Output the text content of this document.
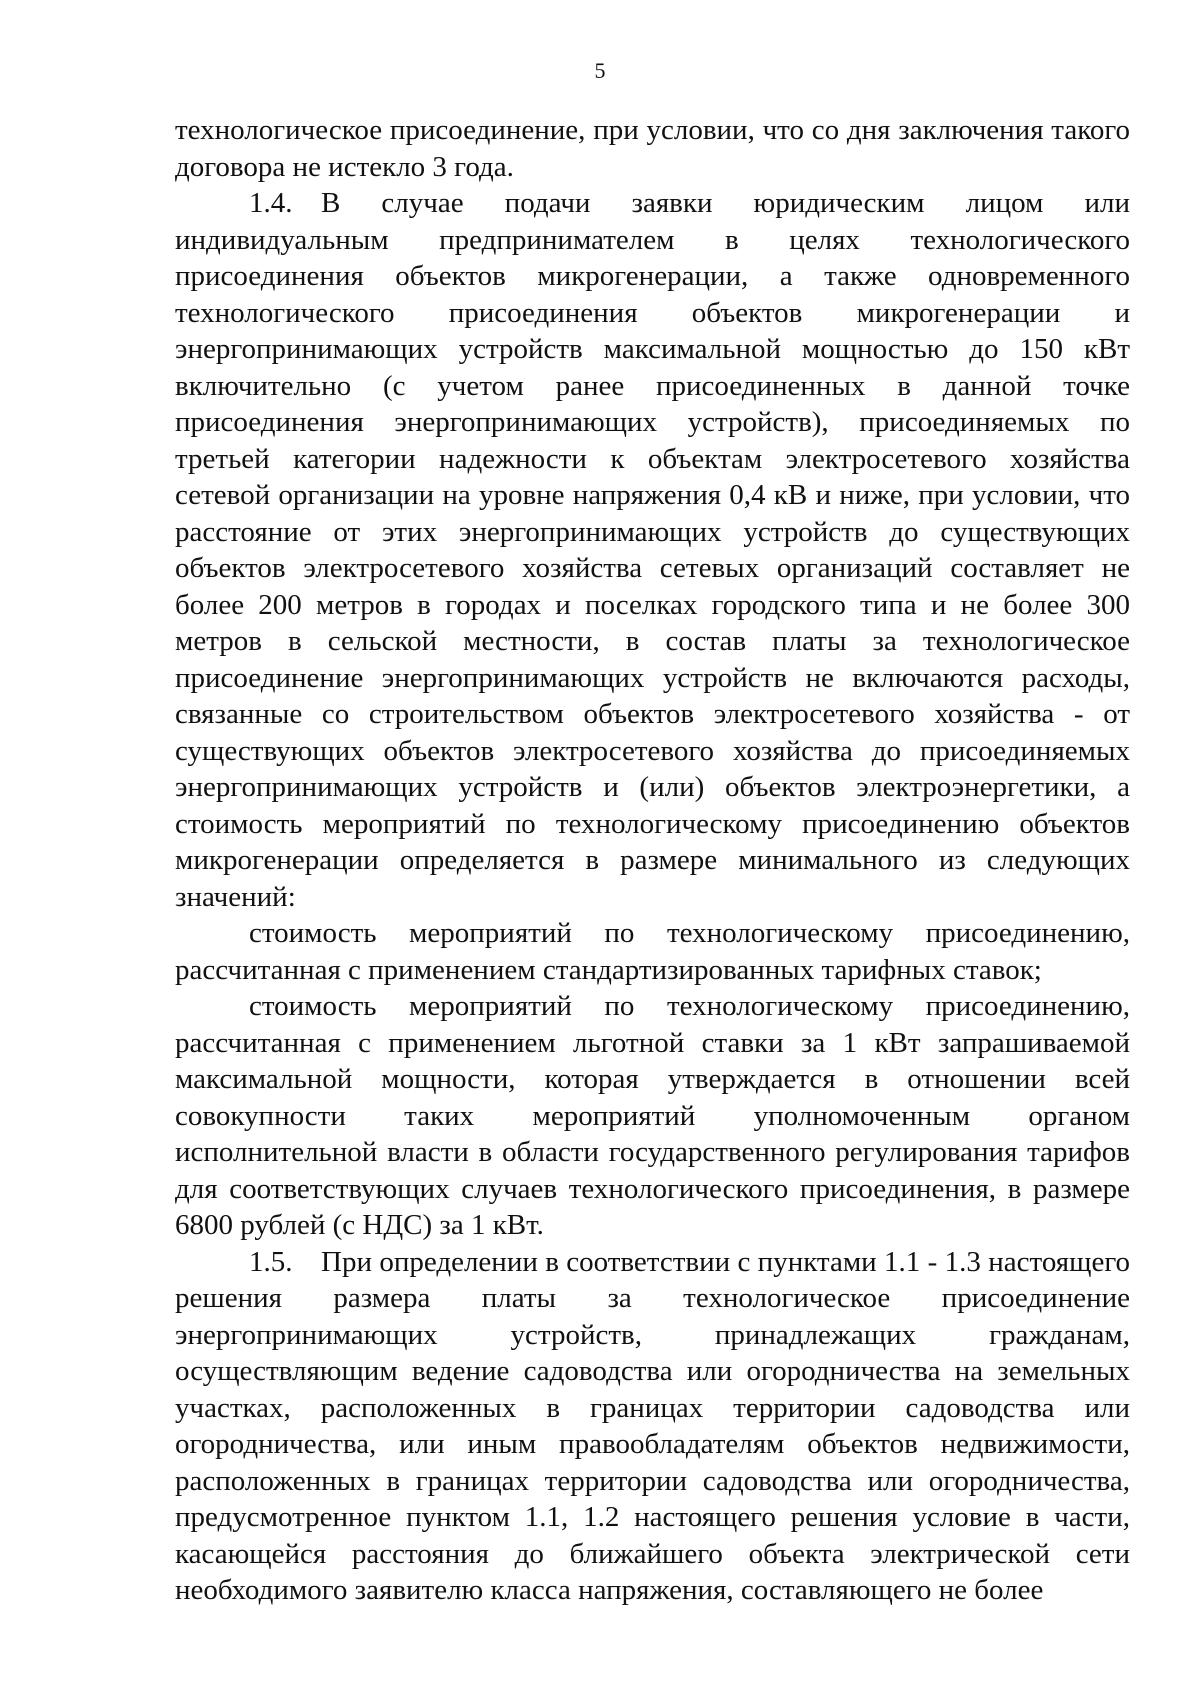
5

технологическое присоединение, при условии, что со дня заключения такого договора не истекло 3 года.

1.4. В случае подачи заявки юридическим лицом или индивидуальным предпринимателем в целях технологического присоединения объектов микрогенерации, а также одновременного технологического присоединения объектов микрогенерации и энергопринимающих устройств максимальной мощностью до 150 кВт включительно (с учетом ранее присоединенных в данной точке присоединения энергопринимающих устройств), присоединяемых по третьей категории надежности к объектам электросетевого хозяйства сетевой организации на уровне напряжения 0,4 кВ и ниже, при условии, что расстояние от этих энергопринимающих устройств до существующих объектов электросетевого хозяйства сетевых организаций составляет не более 200 метров в городах и поселках городского типа и не более 300 метров в сельской местности, в состав платы за технологическое присоединение энергопринимающих устройств не включаются расходы, связанные со строительством объектов электросетевого хозяйства - от существующих объектов электросетевого хозяйства до присоединяемых энергопринимающих устройств и (или) объектов электроэнергетики, а стоимость мероприятий по технологическому присоединению объектов микрогенерации определяется в размере минимального из следующих значений:

стоимость мероприятий по технологическому присоединению, рассчитанная с применением стандартизированных тарифных ставок;

стоимость мероприятий по технологическому присоединению, рассчитанная с применением льготной ставки за 1 кВт запрашиваемой максимальной мощности, которая утверждается в отношении всей совокупности таких мероприятий уполномоченным органом исполнительной власти в области государственного регулирования тарифов для соответствующих случаев технологического присоединения, в размере 6800 рублей (с НДС) за 1 кВт.

1.5. При определении в соответствии с пунктами 1.1 - 1.3 настоящего решения размера платы за технологическое присоединение энергопринимающих устройств, принадлежащих гражданам, осуществляющим ведение садоводства или огородничества на земельных участках, расположенных в границах территории садоводства или огородничества, или иным правообладателям объектов недвижимости, расположенных в границах территории садоводства или огородничества, предусмотренное пунктом 1.1, 1.2 настоящего решения условие в части, касающейся расстояния до ближайшего объекта электрической сети необходимого заявителю класса напряжения, составляющего не более
